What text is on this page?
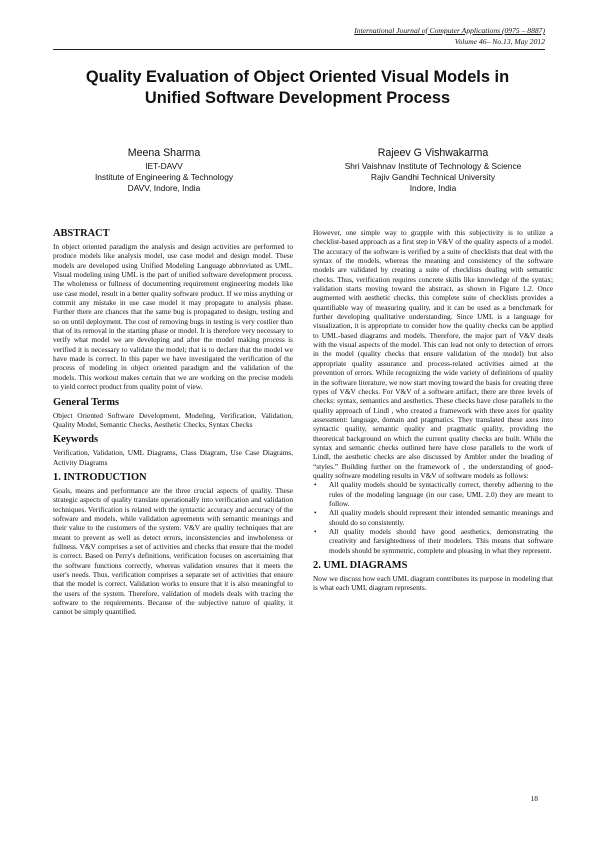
International Journal of Computer Applications (0975 – 8887)
Volume 46– No.13, May 2012
Quality Evaluation of Object Oriented Visual Models in
Unified Software Development Process
Meena Sharma
IET-DAVV
Institute of Engineering & Technology
DAVV, Indore, India
Rajeev G Vishwakarma
Shri Vaishnav Institute of Technology & Science
Rajiv Gandhi Technical University
Indore, India
ABSTRACT

In object oriented paradigm the analysis and design activities are performed to produce models like analysis model, use case model and design model. These models are developed using Unified Modeling Language abbreviated as UML. Visual modeling using UML is the part of unified software development process. The wholeness or fullness of documenting requirement engineering models like use case model, result in a better quality software product. If we miss anything or commit any mistake in use case model it may propagate to analysis phase. Further there are chances that the same bug is propagated to design, testing and so on until deployment. The cost of removing bugs in testing is very costlier than that of its removal in the starting phase or model. It is therefore very necessary to verify what model we are developing and after the model making process is verified it is necessary to validate the model; that is to declare that the model we have made is correct. In this paper we have investigated the verification of the process of modeling in object oriented paradigm and the validation of the models. This workout makes certain that we are working on the precise models to yield correct product from quality point of view.

General Terms

Object Oriented Software Development, Modeling, Verification, Validation, Quality Model, Semantic Checks, Aesthetic Checks, Syntax Checks

Keywords

Verification, Validation, UML Diagrams, Class Diagram, Use Case Diagrams, Activity Diagrams

1. INTRODUCTION

Goals, means and performance are the three crucial aspects of quality. These strategic aspects of quality translate operationally into verification and validation techniques. Verification is related with the syntactic accuracy and accuracy of the software and models, while validation agreements with semantic meanings and their value to the customers of the system. V&V are quality techniques that are meant to prevent as well as detect errors, inconsistencies and inwholeness or fullness. V&V comprises a set of activities and checks that ensure that the model is correct. Based on Perry's definitions, verification focuses on ascertaining that the software functions correctly, whereas validation ensures that it meets the user's needs. Thus, verification comprises a separate set of activities that ensure that the model is correct. Validation works to ensure that it is also meaningful to the users of the system. Therefore, validation of models deals with tracing the software to the requirements. Because of the subjective nature of quality, it cannot be simply quantified.

However, one simple way to grapple with this subjectivity is to utilize a checklist-based approach as a first step in V&V of the quality aspects of a model. The accuracy of the software is verified by a suite of checklists that deal with the syntax of the models, whereas the meaning and consistency of the software models are validated by creating a suite of checklists dealing with semantic checks. Thus, verification requires concrete skills like knowledge of the syntax; validation starts moving toward the abstract, as shown in Figure 1.2. Once augmented with aesthetic checks, this complete suite of checklists provides a quantifiable way of measuring quality, and it can be used as a benchmark for further developing qualitative understanding. Since UML is a language for visualization, it is appropriate to consider how the quality checks can be applied to UML-based diagrams and models. Therefore, the major part of V&V deals with the visual aspects of the model. This can lead not only to detection of errors in the model (quality checks that ensure validation of the model) but also appropriate quality assurance and process-related activities aimed at the prevention of errors. While recognizing the wide variety of definitions of quality in the software literature, we now start moving toward the basis for creating three types of V&V checks. For V&V of a software artifact, there are three levels of checks: syntax, semantics and aesthetics. These checks have close parallels to the quality approach of Lindl , who created a framework with three axes for quality assessment: language, domain and pragmatics. They translated these axes into syntactic quality, semantic quality and pragmatic quality, providing the theoretical background on which the current quality checks are built. While the syntax and semantic checks outlined here have close parallels to the work of Lindl, the aesthetic checks are also discussed by Ambler under the heading of “styles.” Building further on the framework of , the understanding of good-quality software modeling results in V&V of software models as follows:

• All quality models should be syntactically correct, thereby adhering to the rules of the modeling language (in our case, UML 2.0) they are meant to follow.
• All quality models should represent their intended semantic meanings and should do so consistently.
• All quality models should have good aesthetics, demonstrating the creativity and farsightedness of their modelers. This means that software models should be symmetric, complete and pleasing in what they represent.
2. UML DIAGRAMS

Now we discuss how each UML diagram contributes its purpose in modeling that is what each UML diagram represents.

18
